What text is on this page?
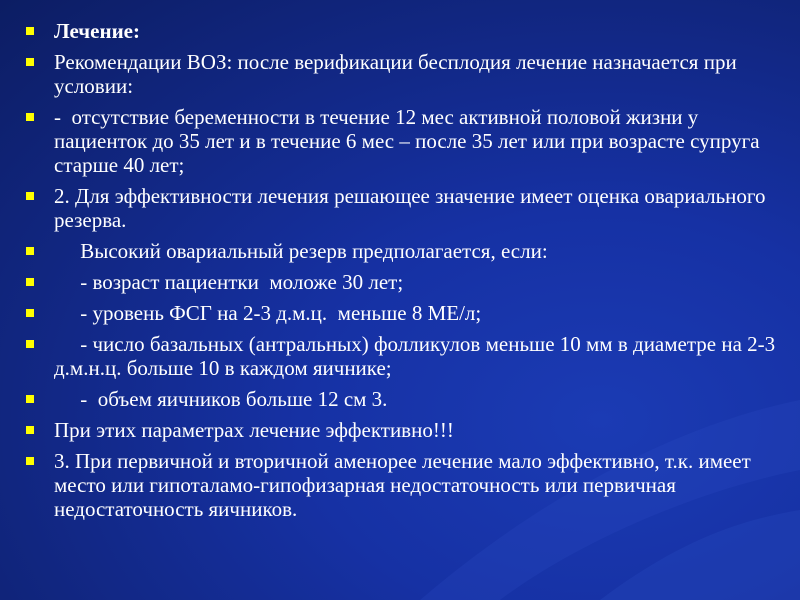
Лечение:
Рекомендации ВОЗ: после верификации бесплодия лечение назначается при условии:
-  отсутствие беременности в течение 12 мес активной половой жизни у пациенток до 35 лет и в течение 6 мес – после 35 лет или при возрасте супруга старше 40 лет;
2. Для эффективности лечения решающее значение имеет оценка овариального резерва.
Высокий овариальный резерв предполагается, если:
- возраст пациентки  моложе 30 лет;
- уровень ФСГ на 2-3 д.м.ц.  меньше 8 МЕ/л;
- число базальных (антральных) фолликулов меньше 10 мм в диаметре на 2-3 д.м.н.ц. больше 10 в каждом яичнике;
-  объем яичников больше 12 см 3.
При этих параметрах лечение эффективно!!!
3. При первичной и вторичной аменорее лечение мало эффективно, т.к. имеет место или гипоталамо-гипофизарная недостаточность или первичная недостаточность яичников.
